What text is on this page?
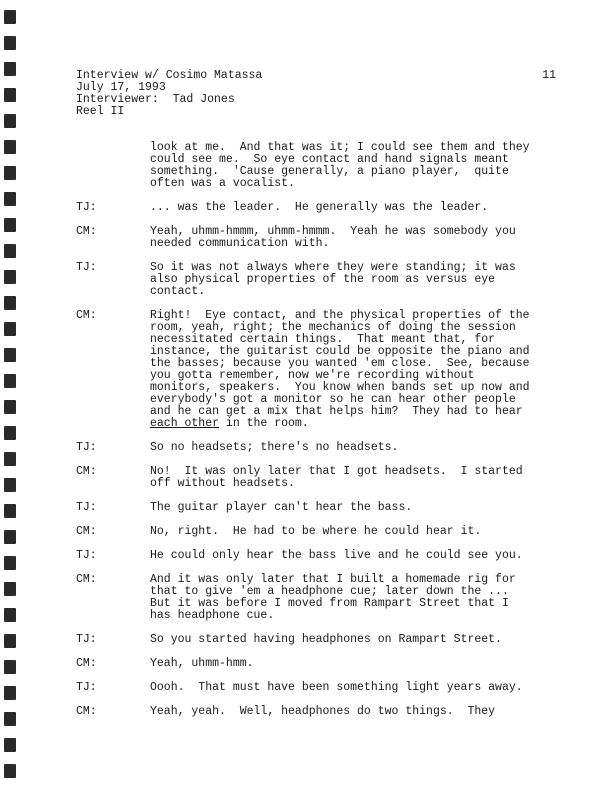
Interview w/ Cosimo Matassa
July 17, 1993
Interviewer:  Tad Jones
Reel II
11
look at me.  And that was it; I could see them and they
could see me.  So eye contact and hand signals meant
something.  'Cause generally, a piano player,  quite
often was a vocalist.
TJ:	... was the leader.  He generally was the leader.
CM:	Yeah, uhmm-hmmm, uhmm-hmmm.  Yeah he was somebody you
needed communication with.
TJ:	So it was not always where they were standing; it was
also physical properties of the room as versus eye
contact.
CM:	Right!  Eye contact, and the physical properties of the
room, yeah, right; the mechanics of doing the session
necessitated certain things.  That meant that, for
instance, the guitarist could be opposite the piano and
the basses; because you wanted 'em close.  See, because
you gotta remember, now we're recording without
monitors, speakers.  You know when bands set up now and
everybody's got a monitor so he can hear other people
and he can get a mix that helps him?  They had to hear
each other in the room.
TJ:	So no headsets; there's no headsets.
CM:	No!  It was only later that I got headsets.  I started
off without headsets.
TJ:	The guitar player can't hear the bass.
CM:	No, right.  He had to be where he could hear it.
TJ:	He could only hear the bass live and he could see you.
CM:	And it was only later that I built a homemade rig for
that to give 'em a headphone cue; later down the ...
But it was before I moved from Rampart Street that I
has headphone cue.
TJ:	So you started having headphones on Rampart Street.
CM:	Yeah, uhmm-hmm.
TJ:	Oooh.  That must have been something light years away.
CM:	Yeah, yeah.  Well, headphones do two things.  They
